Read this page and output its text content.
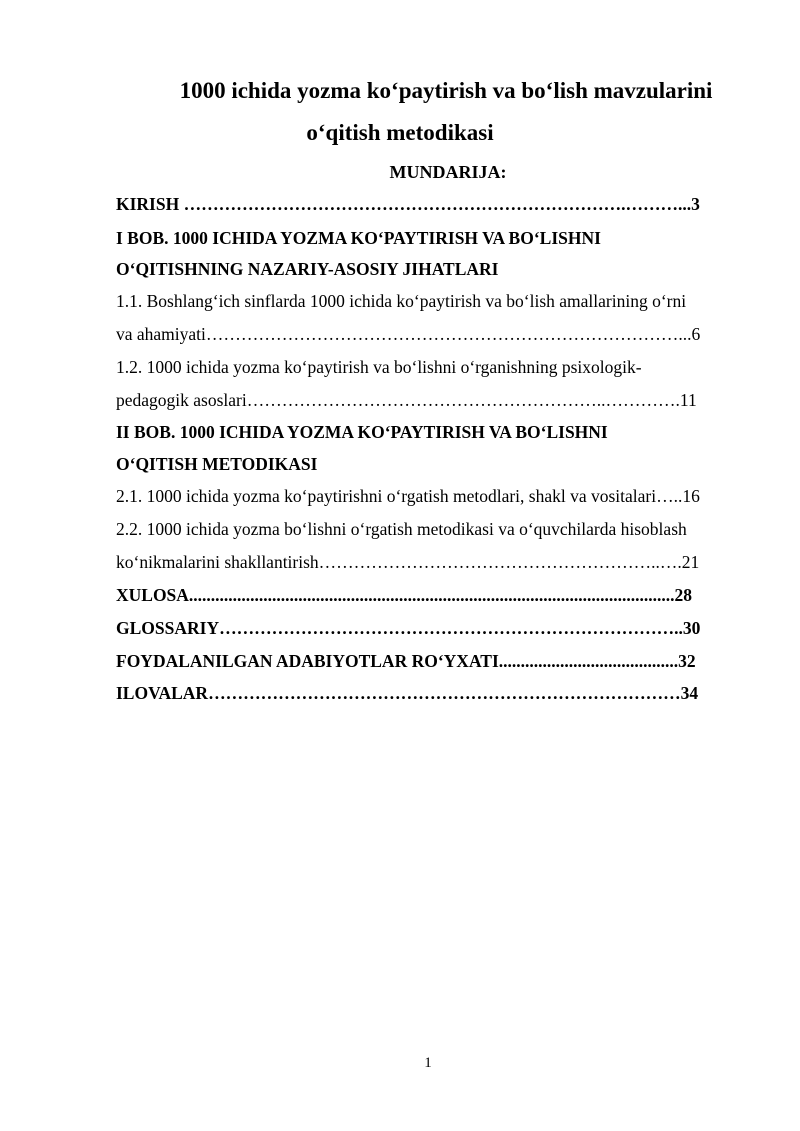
1000 ichida yozma ko‘paytirish va bo‘lish mavzularini
o‘qitish metodikasi
MUNDARIJA:
KIRISH ………………………………………………………………….………...3
I BOB. 1000 ICHIDA YOZMA KO‘PAYTIRISH VA BO‘LISHNI
O‘QITISHNING NAZARIY-ASOSIY JIHATLARI
1.1. Boshlang‘ich sinflarda 1000 ichida ko‘paytirish va bo‘lish amallarining o‘rni
va ahamiyati………………………………………………………………………...6
1.2. 1000 ichida yozma ko‘paytirish va bo‘lishni o‘rganishning psixologik-
pedagogik asoslari……………………………………………………..………….11
II BOB. 1000 ICHIDA YOZMA KO‘PAYTIRISH VA BO‘LISHNI
O‘QITISH METODIKASI
2.1. 1000 ichida yozma ko‘paytirishni o‘rgatish metodlari, shakl va vositalari…..16
2.2. 1000 ichida yozma bo‘lishni o‘rgatish metodikasi va o‘quvchilarda hisoblash
ko‘nikmalarini shakllantirish…………………………………………………..….21
XULOSA...............................................................................................................28
GLOSSARIY……………………………………………………………………..30
FOYDALANILGAN ADABIYOTLAR RO‘YXATI.........................................32
ILOVALAR………………………………………………………………………34
1
